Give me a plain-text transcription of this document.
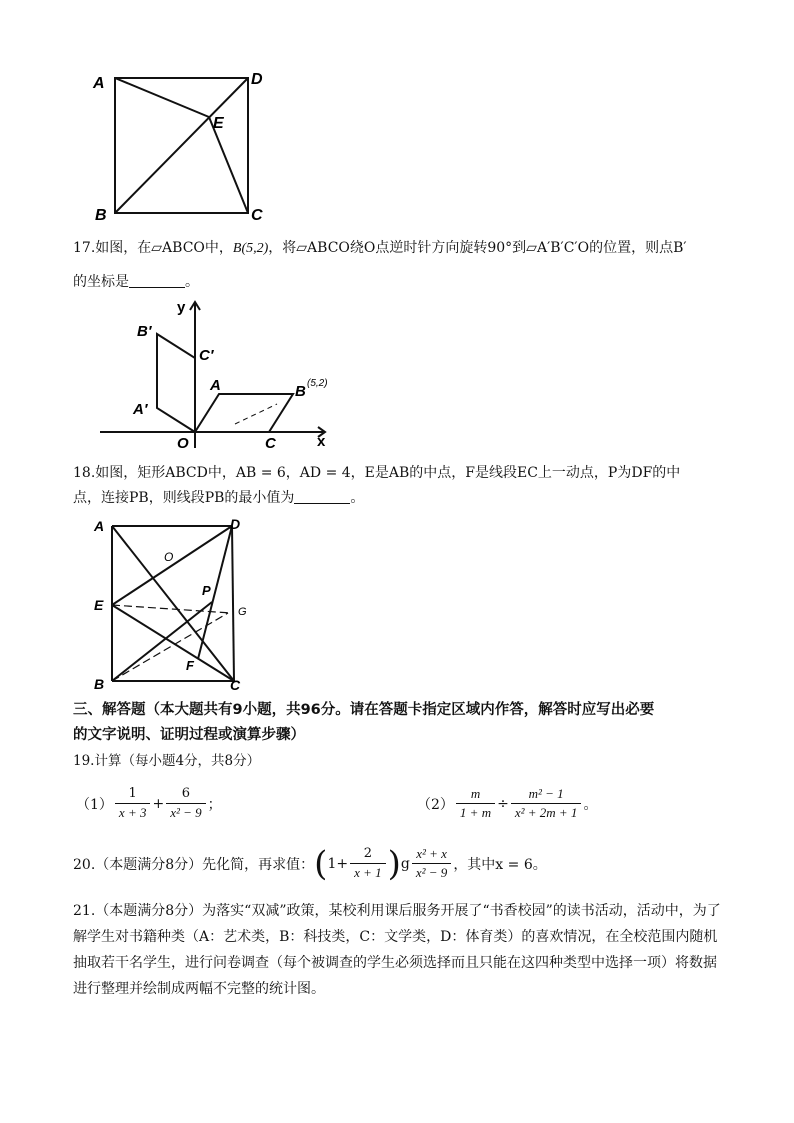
A	D
E
B	C
17.如图，在▱ABCO中，B(5,2)，将▱ABCO绕O点逆时针方向旋转90°到▱A′B′C′O的位置，则点B′
的坐标是	。
y
x
O
A	B (5,2)
C
A′
B′
C′
18.如图，矩形ABCD中，AB = 6，AD = 4，E是AB的中点，F是线段EC上一动点，P为DF的中
点，连接PB，则线段PB的最小值为	。
A	D
O
E
P
G
F
B	C
三、解答题（本大题共有9小题，共96分。请在答题卡指定区域内作答，解答时应写出必要
的文字说明、证明过程或演算步骤）
19.计算（每小题4分，共8分）
$(1) \frac{1}{x + 3} + \frac{6}{\text{x² − 9}}$ ；	$(2) \frac{m}{1 + m} \div \frac{\text{m² − 1}}{\text{x² + 2m + 1}}$ 。
20.（本题满分8分）先化简，再求值： ( $1+ \frac{2}{x + 1}$ ) g $\frac{\text{x² + x}}{\text{x² − 9}}$ ，其中x = 6。
21.（本题满分8分）为落实“双减”政策，某校利用课后服务开展了“书香校园”的读书活动，活动中，为了解学生对书籍种类（A：艺术类，B：科技类，C：文学类，D：体育类）的喜欢情况，在全校范围内随机抽取若干名学生，进行问卷调查（每个被调查的学生必须选择而且只能在这四种类型中选择一项）将数据进行整理并绘制成两幅不完整的统计图。
